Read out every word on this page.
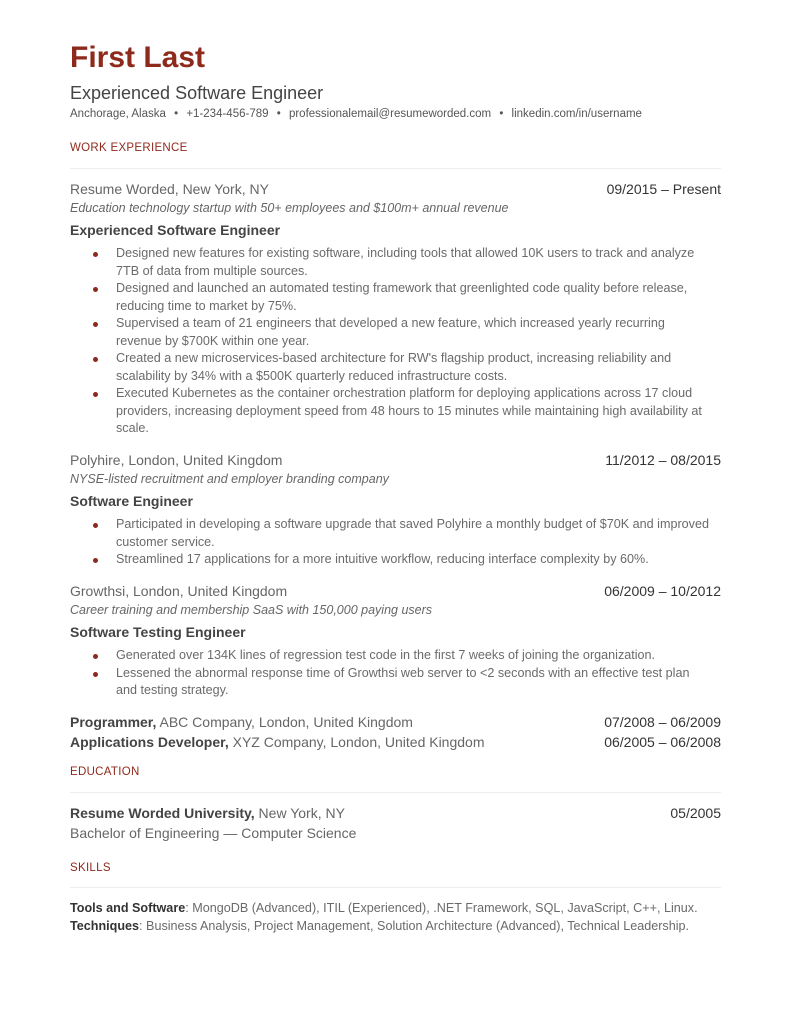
First Last
Experienced Software Engineer
Anchorage, Alaska • +1-234-456-789 • professionalemail@resumeworded.com • linkedin.com/in/username
WORK EXPERIENCE
Resume Worded, New York, NY	09/2015 – Present
Education technology startup with 50+ employees and $100m+ annual revenue
Experienced Software Engineer
Designed new features for existing software, including tools that allowed 10K users to track and analyze 7TB of data from multiple sources.
Designed and launched an automated testing framework that greenlighted code quality before release, reducing time to market by 75%.
Supervised a team of 21 engineers that developed a new feature, which increased yearly recurring revenue by $700K within one year.
Created a new microservices-based architecture for RW's flagship product, increasing reliability and scalability by 34% with a $500K quarterly reduced infrastructure costs.
Executed Kubernetes as the container orchestration platform for deploying applications across 17 cloud providers, increasing deployment speed from 48 hours to 15 minutes while maintaining high availability at scale.
Polyhire, London, United Kingdom	11/2012 – 08/2015
NYSE-listed recruitment and employer branding company
Software Engineer
Participated in developing a software upgrade that saved Polyhire a monthly budget of $70K and improved customer service.
Streamlined 17 applications for a more intuitive workflow, reducing interface complexity by 60%.
Growthsi, London, United Kingdom	06/2009 – 10/2012
Career training and membership SaaS with 150,000 paying users
Software Testing Engineer
Generated over 134K lines of regression test code in the first 7 weeks of joining the organization.
Lessened the abnormal response time of Growthsi web server to <2 seconds with an effective test plan and testing strategy.
Programmer, ABC Company, London, United Kingdom	07/2008 – 06/2009
Applications Developer, XYZ Company, London, United Kingdom	06/2005 – 06/2008
EDUCATION
Resume Worded University, New York, NY	05/2005
Bachelor of Engineering — Computer Science
SKILLS
Tools and Software: MongoDB (Advanced), ITIL (Experienced), .NET Framework, SQL, JavaScript, C++, Linux.
Techniques: Business Analysis, Project Management, Solution Architecture (Advanced), Technical Leadership.
